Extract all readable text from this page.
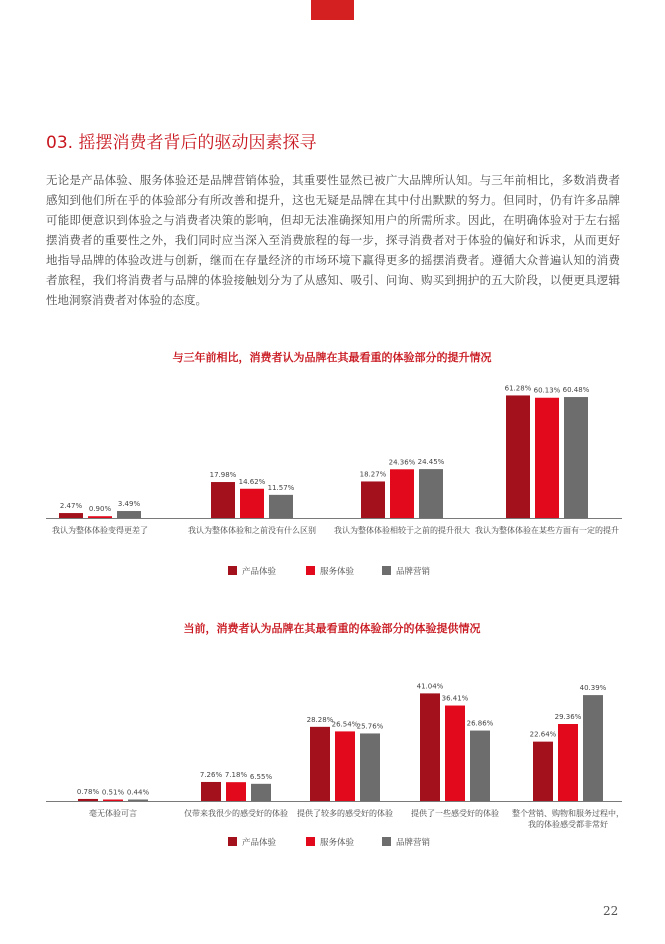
03. 摇摆消费者背后的驱动因素探寻

无论是产品体验、服务体验还是品牌营销体验，其重要性显然已被广大品牌所认知。与三年前相比，多数消费者感知到他们所在乎的体验部分有所改善和提升，这也无疑是品牌在其中付出默默的努力。但同时，仍有许多品牌可能即便意识到体验之与消费者决策的影响，但却无法准确探知用户的所需所求。因此，在明确体验对于左右摇摆消费者的重要性之外，我们同时应当深入至消费旅程的每一步，探寻消费者对于体验的偏好和诉求，从而更好地指导品牌的体验改进与创新，继而在存量经济的市场环境下赢得更多的摇摆消费者。遵循大众普遍认知的消费者旅程，我们将消费者与品牌的体验接触划分为了从感知、吸引、问询、购买到拥护的五大阶段，以便更具逻辑性地洞察消费者对体验的态度。

与三年前相比，消费者认为品牌在其最看重的体验部分的提升情况
2.47% 0.90%
3.49%
我认为整体体验变得更差了
17.98%
14.62%
11.57%
我认为整体体验和之前没有什么区别
18.27%
24.36% 24.45%
我认为整体体验相较于之前的提升很大
61.28% 60.13% 60.48%
我认为整体体验在某些方面有一定的提升
产品体验	服务体验	品牌营销
当前，消费者认为品牌在其最看重的体验部分的体验提供情况
0.78% 0.51% 0.44%
毫无体验可言
7.26% 7.18% 6.55%
仅带来我很少的感受好的体验
28.28%
26.54%
25.76%
提供了较多的感受好的体验
41.04%
36.41%
26.86%
提供了一些感受好的体验
22.64%
29.36%
40.39%
整个营销、购物和服务过程中，
我的体验感受都非常好
产品体验	服务体验	品牌营销
22
